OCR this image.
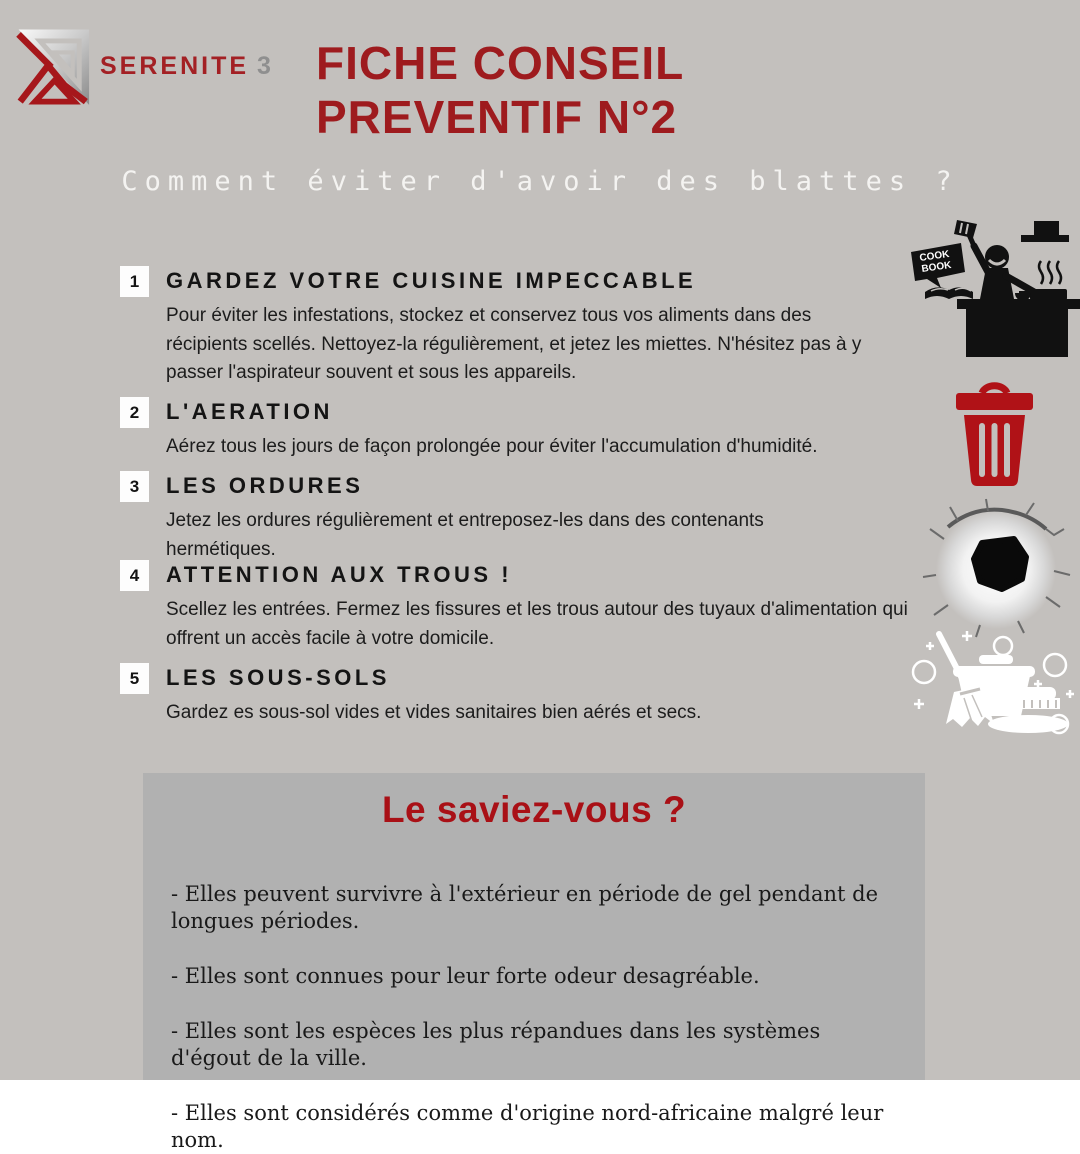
SERENITE 3 FICHE CONSEIL
PREVENTIF N°2
Comment éviter d'avoir des blattes ?
1	GARDEZ VOTRE CUISINE IMPECCABLE
Pour éviter les infestations, stockez et conservez tous vos aliments dans des récipients scellés. Nettoyez-la régulièrement, et jetez les miettes. N'hésitez pas à y passer l'aspirateur souvent et sous les appareils.
2	L'AERATION
Aérez tous les jours de façon prolongée pour éviter l'accumulation d'humidité.
3	LES ORDURES
Jetez les ordures régulièrement et entreposez-les dans des contenants hermétiques.
4	ATTENTION AUX TROUS !
Scellez les entrées. Fermez les fissures et les trous autour des tuyaux d'alimentation qui offrent un accès facile à votre domicile.
5	LES SOUS-SOLS
Gardez es sous-sol vides et vides sanitaires bien aérés et secs.
COOK
BOOK
Le saviez-vous ?
- Elles peuvent survivre à l'extérieur en période de gel pendant de longues périodes.
- Elles sont connues pour leur forte odeur desagréable.
- Elles sont les espèces les plus répandues dans les systèmes d'égout de la ville.
- Elles sont considérés comme d'origine nord-africaine malgré leur nom.
